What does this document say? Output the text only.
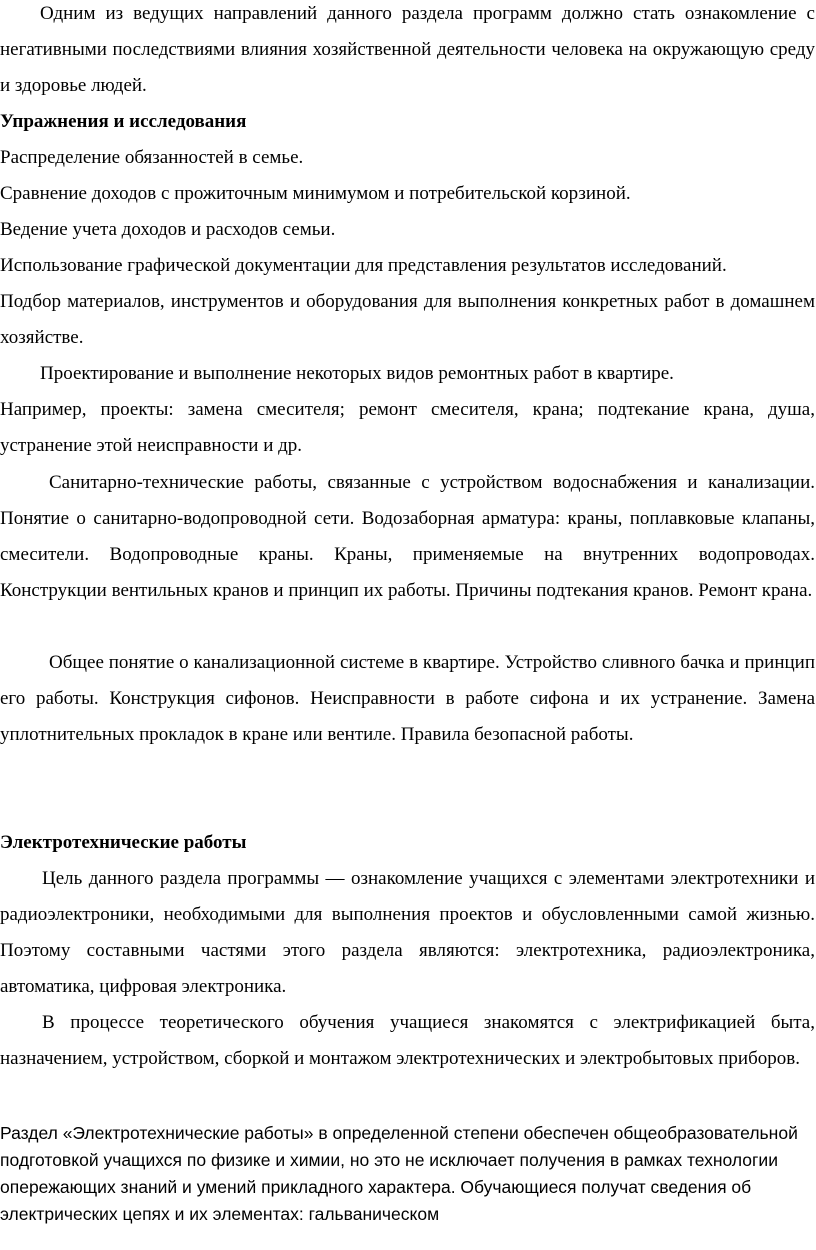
Одним из ведущих направлений данного раздела программ должно стать ознакомление с негативными последствиями влияния хозяйственной деятельности человека на окружающую среду и здоровье людей.

Упражнения и исследования

Распределение обязанностей в семье.

Сравнение доходов с прожиточным минимумом и потребительской корзиной.

Ведение учета доходов и расходов семьи.

Использование графической документации для представления результатов исследований.

Подбор материалов, инструментов и оборудования для выполнения конкретных работ в домашнем хозяйстве.

Проектирование и выполнение некоторых видов ремонтных работ в квартире.

Например, проекты: замена смесителя; ремонт смесителя, крана; подтекание крана, душа, устранение этой неисправности и др.

Санитарно-технические работы, связанные с устройством водоснабжения и канализации. Понятие о санитарно-водопроводной сети. Водозаборная арматура: краны, поплавковые клапаны, смесители. Водопроводные краны. Краны, применяемые на внутренних водопроводах. Конструкции вентильных кранов и принцип их работы. Причины подтекания кранов. Ремонт крана.

Общее понятие о канализационной системе в квартире. Устройство сливного бачка и принцип его работы. Конструкция сифонов. Неисправности в работе сифона и их устранение. Замена уплотнительных прокладок в кране или вентиле. Правила безопасной работы.

Электротехнические работы

Цель данного раздела программы — ознакомление учащихся с элементами электротехники и радиоэлектроники, необходимыми для выполнения проектов и обусловленными самой жизнью. Поэтому составными частями этого раздела являются: электротехника, радиоэлектроника, автоматика, цифровая электроника.

В процессе теоретического обучения учащиеся знакомятся с электрификацией быта, назначением, устройством, сборкой и монтажом электротехнических и электробытовых приборов.

Раздел «Электротехнические работы» в определенной степени обеспечен общеобразовательной подготовкой учащихся по физике и химии, но это не исключает получения в рамках технологии опережающих знаний и умений прикладного характера. Обучающиеся получат сведения об электрических цепях и их элементах: гальваническом
